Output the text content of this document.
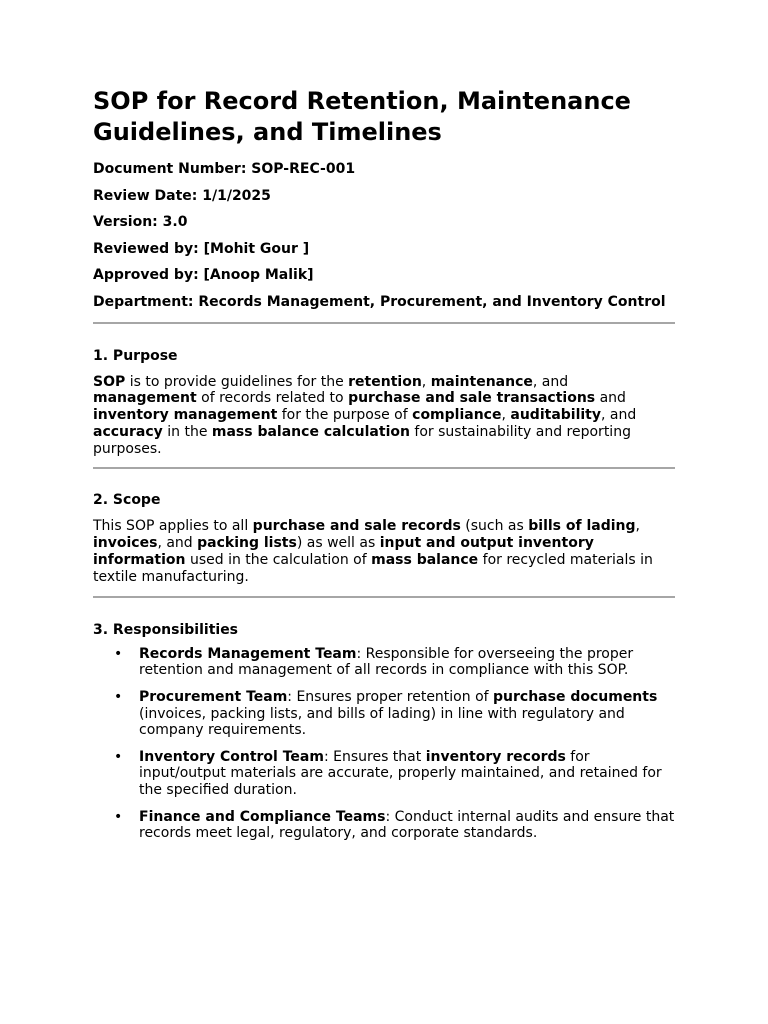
SOP for Record Retention, Maintenance Guidelines, and Timelines

Document Number: SOP-REC-001

Review Date: 1/1/2025

Version: 3.0

Reviewed by: [Mohit Gour ]

Approved by: [Anoop Malik]

Department: Records Management, Procurement, and Inventory Control

1. Purpose

SOP is to provide guidelines for the retention, maintenance, and management of records related to purchase and sale transactions and inventory management for the purpose of compliance, auditability, and accuracy in the mass balance calculation for sustainability and reporting purposes.

2. Scope

This SOP applies to all purchase and sale records (such as bills of lading, invoices, and packing lists) as well as input and output inventory information used in the calculation of mass balance for recycled materials in textile manufacturing.

3. Responsibilities
• Records Management Team: Responsible for overseeing the proper retention and management of all records in compliance with this SOP.
• Procurement Team: Ensures proper retention of purchase documents (invoices, packing lists, and bills of lading) in line with regulatory and company requirements.
• Inventory Control Team: Ensures that inventory records for input/output materials are accurate, properly maintained, and retained for the specified duration.
• Finance and Compliance Teams: Conduct internal audits and ensure that records meet legal, regulatory, and corporate standards.
